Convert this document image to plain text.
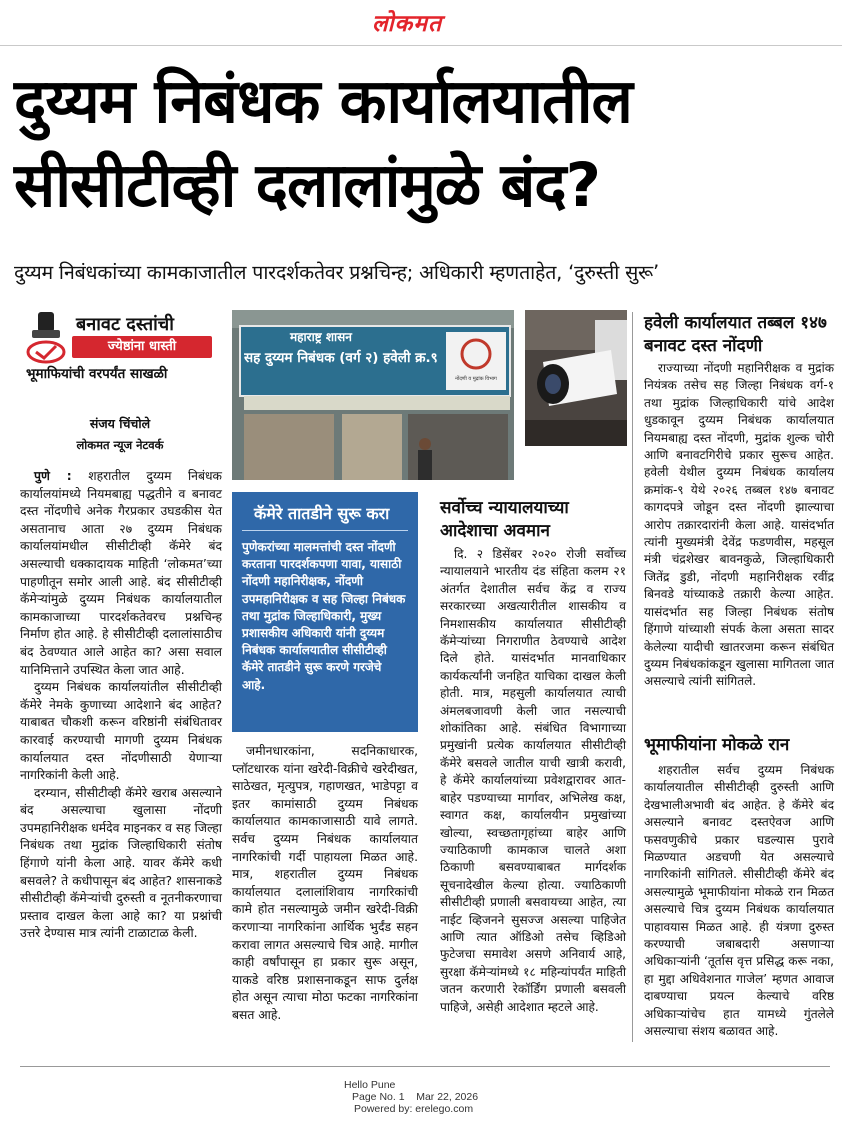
लोकमत
दुय्यम निबंधक कार्यालयातील सीसीटीव्ही दलालांमुळे बंद?
दुय्यम निबंधकांच्या कामकाजातील पारदर्शकतेवर प्रश्नचिन्ह; अधिकारी म्हणताहेत, ‘दुरुस्ती सुरू’
बनावट दस्तांची
ज्येष्ठांना धास्ती
भूमाफियांची वरपर्यंत साखळी
संजय चिंचोले
लोकमत न्यूज नेटवर्क

पुणे : शहरातील दुय्यम निबंधक कार्यालयांमध्ये नियमबाह्य पद्धतीने व बनावट दस्त नोंदणीचे अनेक गैरप्रकार उघडकीस येत असतानाच आता २७ दुय्यम निबंधक कार्यालयांमधील सीसीटीव्ही कॅमेरे बंद असल्याची धक्कादायक माहिती ‘लोकमत’च्या पाहणीतून समोर आली आहे. बंद सीसीटीव्ही कॅमेऱ्यांमुळे दुय्यम निबंधक कार्यालयातील कामकाजाच्या पारदर्शकतेवरच प्रश्नचिन्ह निर्माण होत आहे. हे सीसीटीव्ही दलालांसाठीच बंद ठेवण्यात आले आहेत का? असा सवाल यानिमित्ताने उपस्थित केला जात आहे.

दुय्यम निबंधक कार्यालयांतील सीसीटीव्ही कॅमेरे नेमके कुणाच्या आदेशाने बंद आहेत? याबाबत चौकशी करून वरिष्ठांनी संबंधितावर कारवाई करण्याची मागणी दुय्यम निबंधक कार्यालयात दस्त नोंदणीसाठी येणाऱ्या नागरिकांनी केली आहे.

दरम्यान, सीसीटीव्ही कॅमेरे खराब असल्याने बंद असल्याचा खुलासा नोंदणी उपमहानिरीक्षक धर्मदेव माइनकर व सह जिल्हा निबंधक तथा मुद्रांक जिल्हाधिकारी संतोष हिंगाणे यांनी केला आहे. यावर कॅमेरे कधी बसवले? ते कधीपासून बंद आहेत? शासनाकडे सीसीटीव्ही कॅमेऱ्यांची दुरुस्ती व नूतनीकरणाचा प्रस्ताव दाखल केला आहे का? या प्रश्नांची उत्तरे देण्यास मात्र त्यांनी टाळाटाळ केली.

महाराष्ट्र शासन
सह दुय्यम निबंधक (वर्ग २) हवेली क्र.९
नोंदणी व मुद्रांक विभाग
कॅमेरे तातडीने सुरू करा
पुणेकरांच्या मालमत्तांची दस्त नोंदणी करताना पारदर्शकपणा यावा, यासाठी नोंदणी महानिरीक्षक, नोंदणी उपमहानिरीक्षक व सह जिल्हा निबंधक तथा मुद्रांक जिल्हाधिकारी, मुख्य प्रशासकीय अधिकारी यांनी दुय्यम निबंधक कार्यालयातील सीसीटीव्ही कॅमेरे तातडीने सुरू करणे गरजेचे आहे.

जमीनधारकांना, सदनिकाधारक, प्लॉटधारक यांना खरेदी-विक्रीचे खरेदीखत, साठेखत, मृत्युपत्र, गहाणखत, भाडेपट्टा व इतर कामांसाठी दुय्यम निबंधक कार्यालयात कामकाजासाठी यावे लागते. सर्वच दुय्यम निबंधक कार्यालयात नागरिकांची गर्दी पाहायला मिळत आहे. मात्र, शहरातील दुय्यम निबंधक कार्यालयात दलालांशिवाय नागरिकांची कामे होत नसल्यामुळे जमीन खरेदी-विक्री करणाऱ्या नागरिकांना आर्थिक भुर्दंड सहन करावा लागत असल्याचे चित्र आहे. मागील काही वर्षांपासून हा प्रकार सुरू असून, याकडे वरिष्ठ प्रशासनाकडून साफ दुर्लक्ष होत असून त्याचा मोठा फटका नागरिकांना बसत आहे.

सर्वोच्च न्यायालयाच्या आदेशाचा अवमान

दि. २ डिसेंबर २०२० रोजी सर्वोच्च न्यायालयाने भारतीय दंड संहिता कलम २१ अंतर्गत देशातील सर्वच केंद्र व राज्य सरकारच्या अखत्यारीतील शासकीय व निमशासकीय कार्यालयात सीसीटीव्ही कॅमेऱ्यांच्या निगराणीत ठेवण्याचे आदेश दिले होते. यासंदर्भात मानवाधिकार कार्यकर्त्यांनी जनहित याचिका दाखल केली होती. मात्र, महसुली कार्यालयात त्याची अंमलबजावणी केली जात नसल्याची शोकांतिका आहे. संबंधित विभागाच्या प्रमुखांनी प्रत्येक कार्यालयात सीसीटीव्ही कॅमेरे बसवले जातील याची खात्री करावी, हे कॅमेरे कार्यालयांच्या प्रवेशद्वारावर आत-बाहेर पडण्याच्या मार्गावर, अभिलेख कक्ष, स्वागत कक्ष, कार्यालयीन प्रमुखांच्या खोल्या, स्वच्छतागृहांच्या बाहेर आणि ज्याठिकाणी कामकाज चालते अशा ठिकाणी बसवण्याबाबत मार्गदर्शक सूचनादेखील केल्या होत्या. ज्याठिकाणी सीसीटीव्ही प्रणाली बसवायच्या आहेत, त्या नाईट व्हिजनने सुसज्ज असल्या पाहिजेत आणि त्यात ऑडिओ तसेच व्हिडिओ फुटेजचा समावेश असणे अनिवार्य आहे, सुरक्षा कॅमेऱ्यांमध्ये १८ महिन्यांपर्यंत माहिती जतन करणारी रेकॉर्डिंग प्रणाली बसवली पाहिजे, असेही आदेशात म्हटले आहे.

हवेली कार्यालयात तब्बल १४७ बनावट दस्त नोंदणी

राज्याच्या नोंदणी महानिरीक्षक व मुद्रांक नियंत्रक तसेच सह जिल्हा निबंधक वर्ग-१ तथा मुद्रांक जिल्हाधिकारी यांचे आदेश धुडकावून दुय्यम निबंधक कार्यालयात नियमबाह्य दस्त नोंदणी, मुद्रांक शुल्क चोरी आणि बनावटगिरीचे प्रकार सुरूच आहेत. हवेली येथील दुय्यम निबंधक कार्यालय क्रमांक-९ येथे २०२६ तब्बल १४७ बनावट कागदपत्रे जोडून दस्त नोंदणी झाल्याचा आरोप तक्रारदारांनी केला आहे. यासंदर्भात त्यांनी मुख्यमंत्री देवेंद्र फडणवीस, महसूल मंत्री चंद्रशेखर बावनकुळे, जिल्हाधिकारी जितेंद्र डुडी, नोंदणी महानिरीक्षक रवींद्र बिनवडे यांच्याकडे तक्रारी केल्या आहेत. यासंदर्भात सह जिल्हा निबंधक संतोष हिंगाणे यांच्याशी संपर्क केला असता सादर केलेल्या यादीची खातरजमा करून संबंधित दुय्यम निबंधकांकडून खुलासा मागितला जात असल्याचे त्यांनी सांगितले.

भूमाफीयांना मोकळे रान

शहरातील सर्वच दुय्यम निबंधक कार्यालयातील सीसीटीव्ही दुरुस्ती आणि देखभालीअभावी बंद आहेत. हे कॅमेरे बंद असल्याने बनावट दस्तऐवज आणि फसवणुकीचे प्रकार घडल्यास पुरावे मिळण्यात अडचणी येत असल्याचे नागरिकांनी सांगितले. सीसीटीव्ही कॅमेरे बंद असल्यामुळे भूमाफीयांना मोकळे रान मिळत असल्याचे चित्र दुय्यम निबंधक कार्यालयात पाहावयास मिळत आहे. ही यंत्रणा दुरुस्त करण्याची जबाबदारी असणाऱ्या अधिकाऱ्यांनी ‘तूर्तास वृत्त प्रसिद्ध करू नका, हा मुद्दा अधिवेशनात गाजेल’ म्हणत आवाज दाबण्याचा प्रयत्न केल्याचे वरिष्ठ अधिकाऱ्यांचेच हात यामध्ये गुंतलेले असल्याचा संशय बळावत आहे.

Hello Pune
Page No. 1    Mar 22, 2026
Powered by: erelego.com
